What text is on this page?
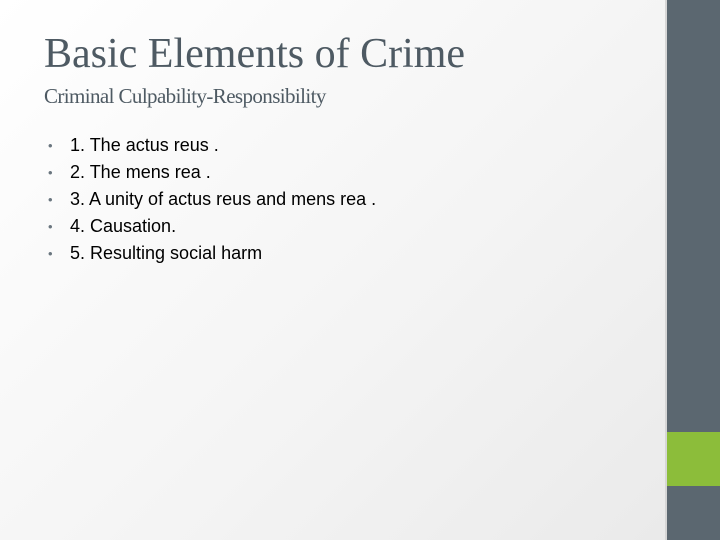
Basic Elements of Crime
Criminal Culpability-Responsibility
• 1. The actus reus .
• 2. The mens rea .
• 3. A unity of actus reus and mens rea .
• 4. Causation.
• 5. Resulting social harm
